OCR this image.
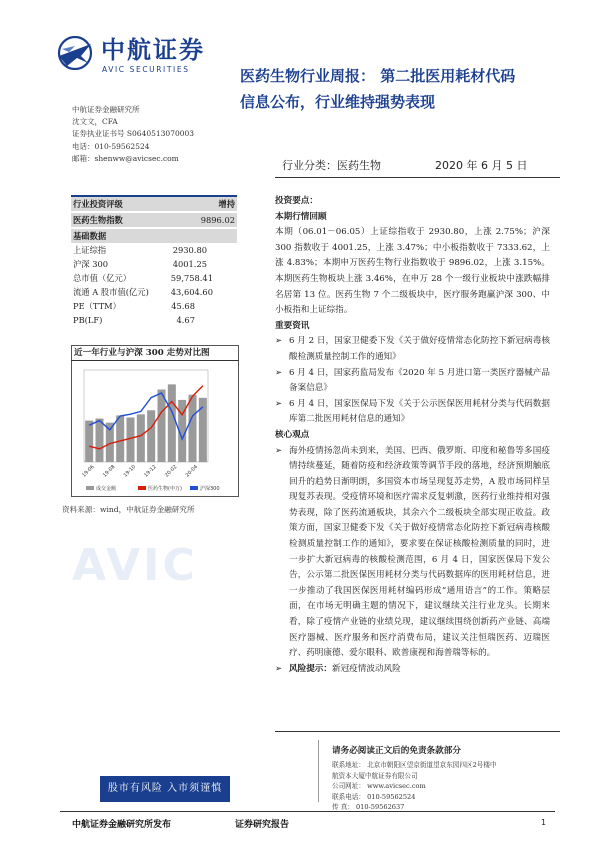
中航证券
AVIC SECURITIES	医药生物行业周报： 第二批医用耗材代码
信息公布，行业维持强势表现
中航证券金融研究所
沈文文，CFA
证券执业证书号 S0640513070003
电话：010-59562524
邮箱：shenww@avicsec.com
行业分类：医药生物	2020 年 6 月 5 日
行业投资评级	增持
医药生物指数	9896.02
基础数据
上证综指	2930.80
沪深 300	4001.25
总市值（亿元）	59,758.41
流通 A 股市值(亿元)	43,604.60
PE（TTM）	45.68
PB(LF)	4.67
近一年行业与沪深 300 走势对比图
19-06 19-08 19-10 19-12 20-02 20-04
成交金额	医药生物(申万)	沪深300
资料来源：wind，中航证券金融研究所
AVIC
投资要点：
本期行情回顾
本期（06.01－06.05）上证综指收于 2930.80，上涨 2.75%；沪深 300 指数收于 4001.25，上涨 3.47%；中小板指数收于 7333.62，上涨 4.83%；本期申万医药生物行业指数收于 9896.02，上涨 3.15%。本期医药生物板块上涨 3.46%，在申万 28 个一级行业板块中涨跌幅排名居第 13 位。医药生物 7 个二级板块中，医疗服务跑赢沪深 300、中小板指和上证综指。
重要资讯
➢ 6 月 2 日，国家卫健委下发《关于做好疫情常态化防控下新冠病毒核酸检测质量控制工作的通知》
➢ 6 月 4 日，国家药监局发布《2020 年 5 月进口第一类医疗器械产品备案信息》
➢ 6 月 4 日，国家医保局下发《关于公示医保医用耗材分类与代码数据库第二批医用耗材信息的通知》
核心观点
➢ 海外疫情扬忽尚未到来，美国、巴西、俄罗斯、印度和秘鲁等多国疫情持续蔓延，随着防疫和经济政策等调节手段的落地，经济预期触底回升的趋势日渐明朗，多国资本市场呈现复苏走势，A 股市场同样呈现复苏表现。受疫情环境和医疗需求反复刺激，医药行业维持相对强势表现，除了医药流通板块，其余六个二级板块全部实现正收益。政策方面，国家卫健委下发《关于做好疫情常态化防控下新冠病毒核酸检测质量控制工作的通知》，要求要在保证核酸检测质量的同时，进一步扩大新冠病毒的核酸检测范围，6 月 4 日，国家医保局下发公告，公示第二批医保医用耗材分类与代码数据库的医用耗材信息，进一步推动了我国医保医用耗材编码形成“通用语言”的工作。策略层面，在市场无明确主题的情况下，建议继续关注行业龙头。长期来看，除了疫情产业链的业绩兑现，建议继续围绕创新药产业链、高端医疗器械、医疗服务和医疗消费布局，建议关注恒瑞医药、迈瑞医疗、药明康德、爱尔眼科、欧普康视和海普瑞等标的。
➢ 风险提示：新冠疫情波动风险
股市有风险 入市须谨慎
请务必阅读正文后的免责条款部分
联系地址： 北京市朝阳区望京街道望京东园四区2号楼中
航资本大厦中航证券有限公司
公司网址： www.avicsec.com
联系电话： 010-59562524
传 真： 010-59562637
中航证券金融研究所发布	证券研究报告	1
